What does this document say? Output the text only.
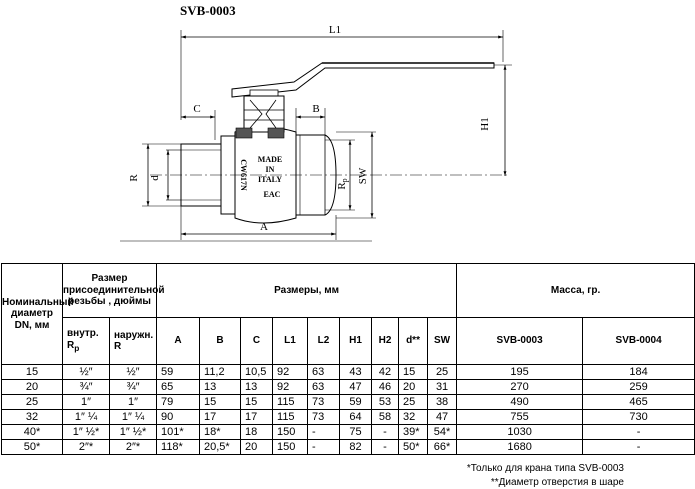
SVB-0003
L1
H1
C	B
CW617N MADE
IN
ITALY
EAC
R d
Rp SW
A
Номинальный диаметр DN, мм	Размер присоединительной резьбы , дюймы		Размеры, мм									Масса, гр.	
	внутр. $R_p$	наружн. R	A	B	C	L1	L2	H1	H2	d**	SW	SVB-0003	SVB-0004
15	½″	½″	59	11,2	10,5	92	63	43	42	15	25	195	184
20	¾″	¾″	65	13	13	92	63	47	46	20	31	270	259
25	1″	1″	79	15	15	115	73	59	53	25	38	490	465
32	1″ ¼	1″ ¼	90	17	17	115	73	64	58	32	47	755	730
40*	1″ ½*	1″ ½*	101*	18*	18	150	-	75	-	39*	54*	1030	-
50*	2″*	2″*	118*	20,5*	20	150	-	82	-	50*	66*	1680	-
*Только для крана типа SVB-0003
**Диаметр отверстия в шаре
